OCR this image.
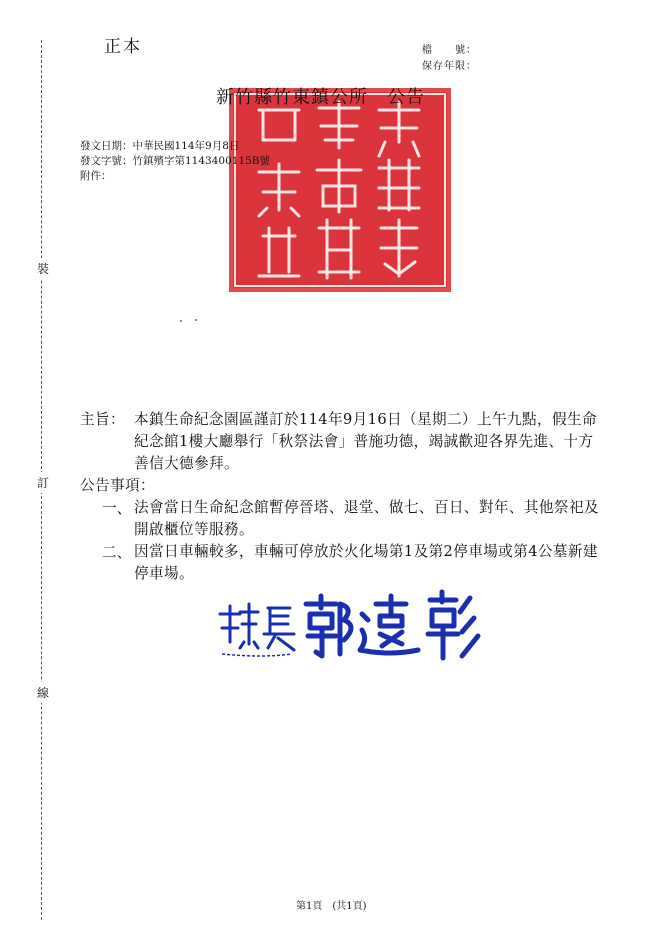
正本	檔　　號：
保存年限：
裝
訂
線
新竹縣竹東鎮公所　公告
發文日期：中華民國114年9月8日
發文字號：竹鎮殯字第1143400115B號
附件：
主旨： 本鎮生命紀念園區謹訂於114年9月16日（星期二）上午九點，假生命紀念館1樓大廳舉行「秋祭法會」普施功德，竭誠歡迎各界先進、十方善信大德參拜。
公告事項：
一、 法會當日生命紀念館暫停晉塔、退堂、做七、百日、對年、其他祭祀及開啟櫃位等服務。
二、 因當日車輛較多，車輛可停放於火化場第1及第2停車場或第4公墓新建停車場。
第1頁　(共1頁)
